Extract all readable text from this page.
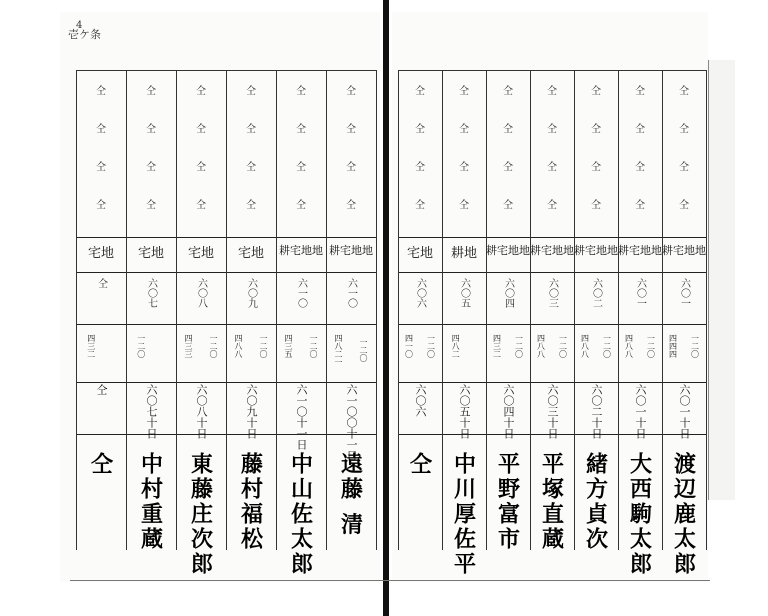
4
壱ケ条
仝
仝
仝
仝
耕宅地地
六一〇
四八二一 一二〇
六一〇〇十一日
遠藤 清
仝
仝
仝
仝
耕宅地地
六一〇
四三五 一二〇
六一〇十一日
中山佐太郎
仝
仝
仝
仝
宅地
六〇九
四八八 一二〇
六〇九十日
藤村福松
仝
仝
仝
仝
宅地
六〇八
四三三 一二〇
六〇八十日
東藤庄次郎
仝
仝
仝
仝
宅地
六〇七
一二〇
六〇七十日
中村重蔵
仝
仝
仝
仝
宅地
仝
四三二
仝
仝
仝
仝
仝
仝
宅地
六〇六
四一〇 一二〇
六〇六
仝
仝
仝
仝
仝
耕地
六〇五
四八二
六〇五十日
中川厚佐平
仝
仝
仝
仝
耕宅地地
六〇四
四三二 一二〇
六〇四十日
平野富市
仝
仝
仝
仝
耕宅地地
六〇三
四八八 一二〇
六〇三十日
平塚直蔵
仝
仝
仝
仝
耕宅地地
六〇二
四八八 一二〇
六〇二十日
緒方貞次
仝
仝
仝
仝
耕宅地地
六〇一
四八八 一二〇
六〇一十日
大西駒太郎
仝
仝
仝
仝
耕宅地地
六〇一
四四四 一二〇
六〇一十日
渡辺鹿太郎
